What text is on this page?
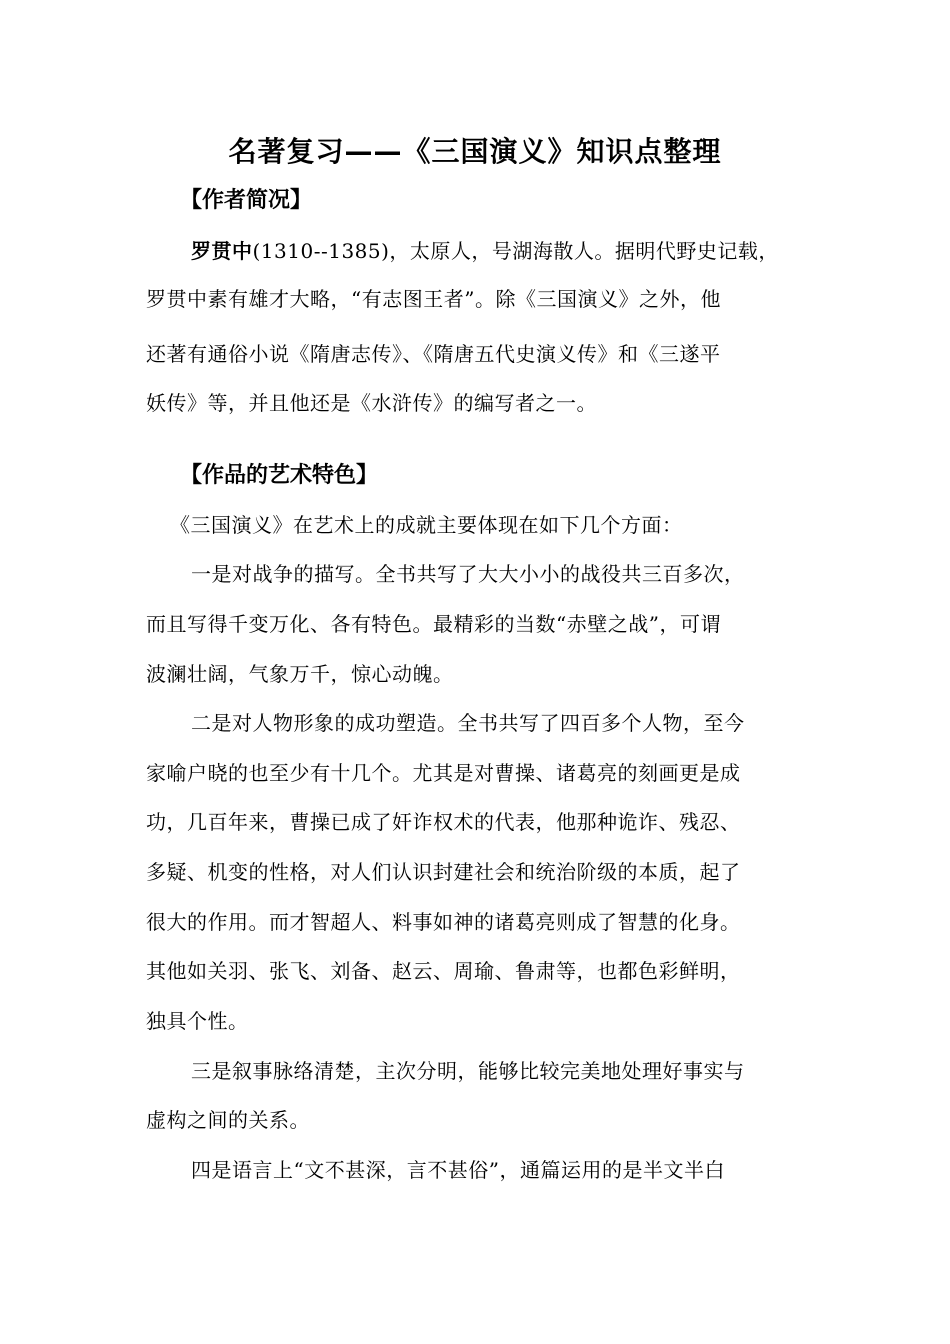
名著复习——《三国演义》知识点整理
【作者简况】

罗贯中(1310--1385)，太原人，号湖海散人。据明代野史记载，

罗贯中素有雄才大略，“有志图王者”。除《三国演义》之外，他

还著有通俗小说《隋唐志传》、《隋唐五代史演义传》和《三遂平

妖传》等，并且他还是《水浒传》的编写者之一。

【作品的艺术特色】

《三国演义》在艺术上的成就主要体现在如下几个方面：

一是对战争的描写。全书共写了大大小小的战役共三百多次，

而且写得千变万化、各有特色。最精彩的当数“赤壁之战”，可谓

波澜壮阔，气象万千，惊心动魄。

二是对人物形象的成功塑造。全书共写了四百多个人物，至今

家喻户晓的也至少有十几个。尤其是对曹操、诸葛亮的刻画更是成

功，几百年来，曹操已成了奸诈权术的代表，他那种诡诈、残忍、

多疑、机变的性格，对人们认识封建社会和统治阶级的本质，起了

很大的作用。而才智超人、料事如神的诸葛亮则成了智慧的化身。

其他如关羽、张飞、刘备、赵云、周瑜、鲁肃等，也都色彩鲜明，

独具个性。

三是叙事脉络清楚，主次分明，能够比较完美地处理好事实与

虚构之间的关系。

四是语言上“文不甚深，言不甚俗”，通篇运用的是半文半白
